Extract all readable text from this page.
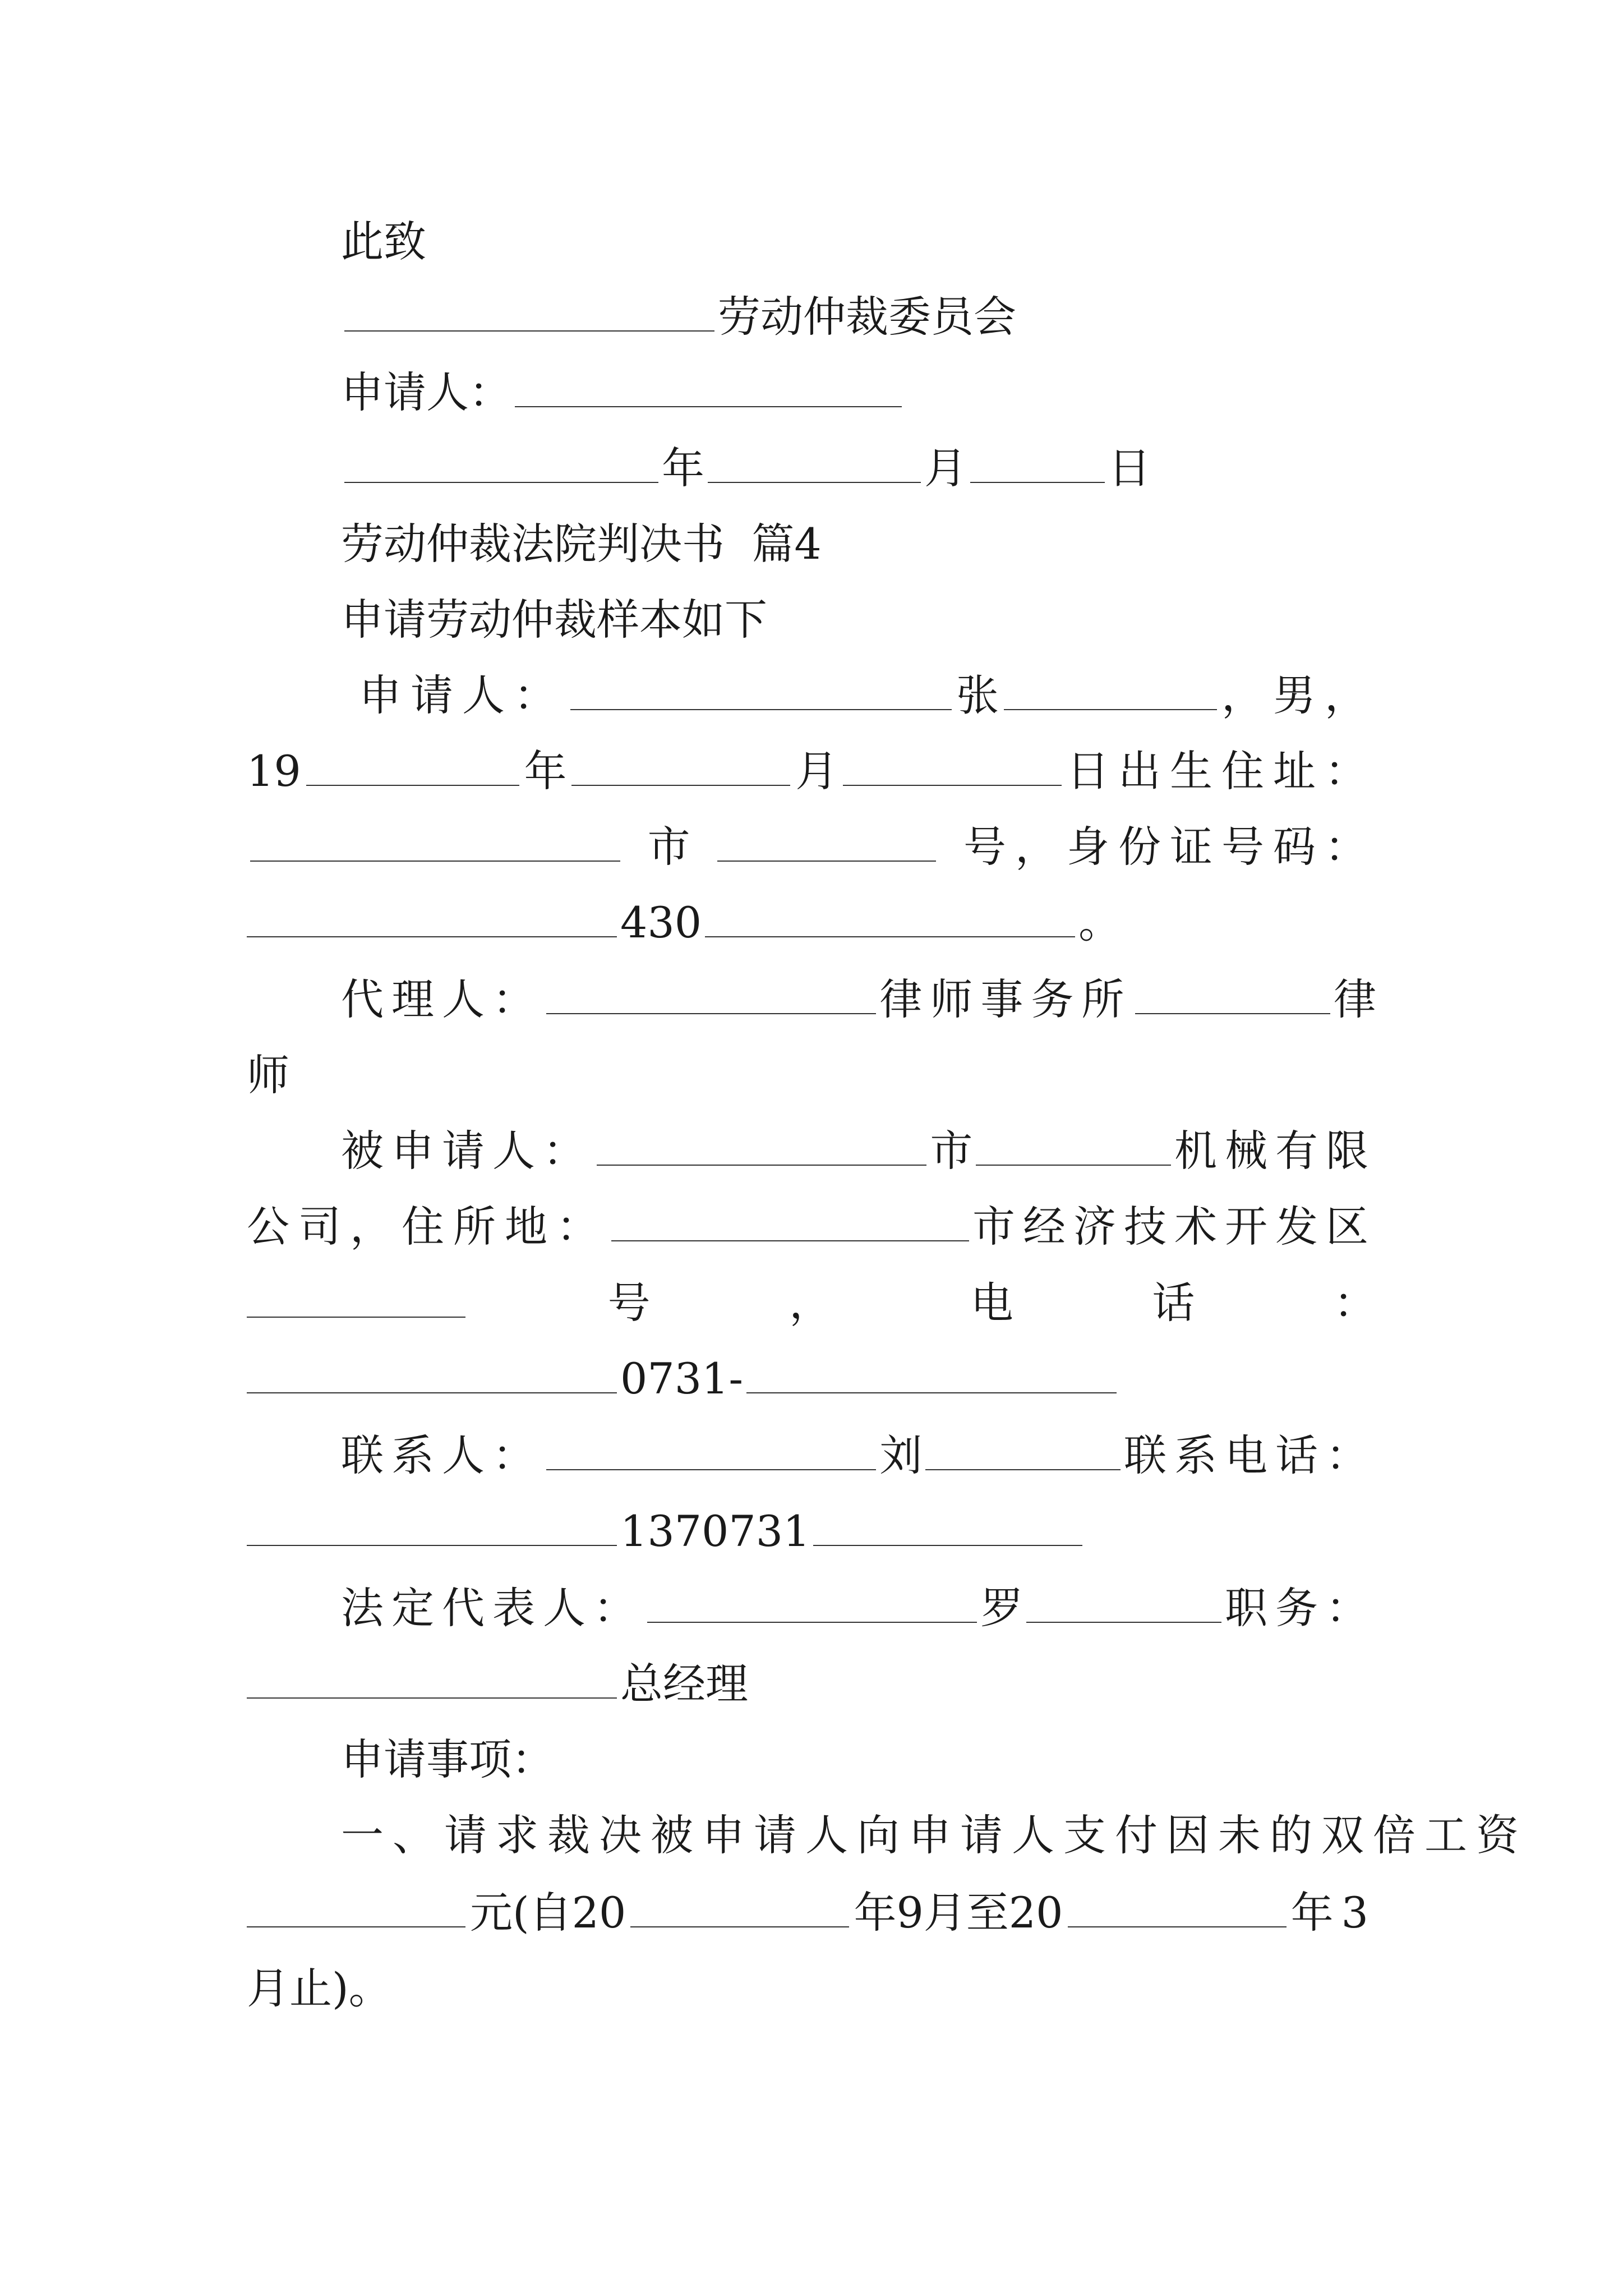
此致
劳动仲裁委员会
申请人：
年	月	日
劳动仲裁法院判决书 篇4
申请劳动仲裁样本如下
申请人：	张	，男，
19	年	月	日出生住址：
市	号，身份证号码：
430	。
代理人：	律师事务所	律
师
被申请人：	市	机械有限
公司，住所地：	市经济技术开发区
号	，	电	话	：
0731-
联系人：	刘	联系电话：
1370731
法定代表人：	罗	职务：
总经理
申请事项：
一、请求裁决被申请人向申请人支付因未的双倍工资
元(自20	年9月至20	年3
月止)。
